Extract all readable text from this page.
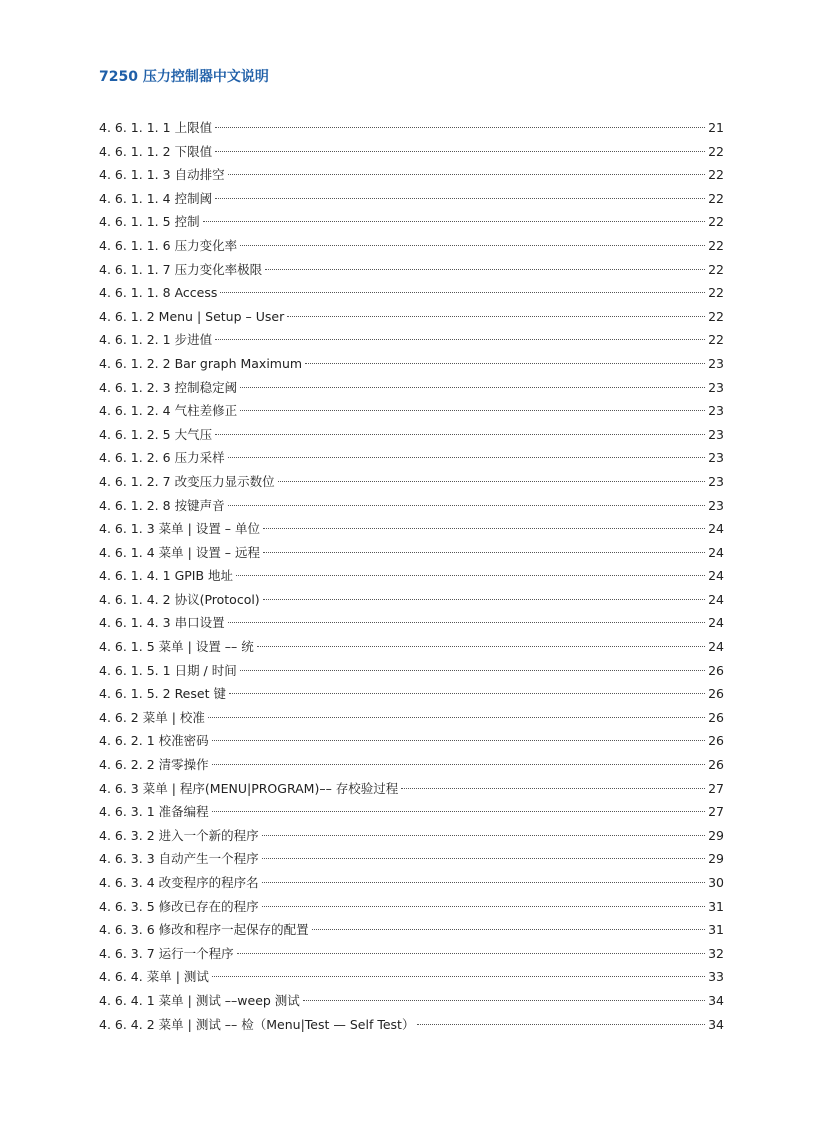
7250 压力控制器中文说明
4. 6. 1. 1. 1 上限值	21
4. 6. 1. 1. 2 下限值	22
4. 6. 1. 1. 3 自动排空	22
4. 6. 1. 1. 4 控制阈	22
4. 6. 1. 1. 5 控制	22
4. 6. 1. 1. 6 压力变化率	22
4. 6. 1. 1. 7 压力变化率极限	22
4. 6. 1. 1. 8 Access	22
4. 6. 1. 2 Menu | Setup – User	22
4. 6. 1. 2. 1 步进值	22
4. 6. 1. 2. 2 Bar graph Maximum	23
4. 6. 1. 2. 3 控制稳定阈	23
4. 6. 1. 2. 4 气柱差修正	23
4. 6. 1. 2. 5 大气压	23
4. 6. 1. 2. 6 压力采样	23
4. 6. 1. 2. 7 改变压力显示数位	23
4. 6. 1. 2. 8 按键声音	23
4. 6. 1. 3 菜单 | 设置 – 单位	24
4. 6. 1. 4 菜单 | 设置 – 远程	24
4. 6. 1. 4. 1 GPIB 地址	24
4. 6. 1. 4. 2 协议(Protocol)	24
4. 6. 1. 4. 3 串口设置	24
4. 6. 1. 5 菜单 | 设置 –– 统	24
4. 6. 1. 5. 1 日期 / 时间	26
4. 6. 1. 5. 2 Reset 键	26
4. 6. 2 菜单 | 校准	26
4. 6. 2. 1 校准密码	26
4. 6. 2. 2 清零操作	26
4. 6. 3 菜单 | 程序(MENU|PROGRAM)–– 存校验过程	27
4. 6. 3. 1 准备编程	27
4. 6. 3. 2 进入一个新的程序	29
4. 6. 3. 3 自动产生一个程序	29
4. 6. 3. 4 改变程序的程序名	30
4. 6. 3. 5 修改已存在的程序	31
4. 6. 3. 6 修改和程序一起保存的配置	31
4. 6. 3. 7 运行一个程序	32
4. 6. 4. 菜单 | 测试	33
4. 6. 4. 1 菜单 | 测试 ––weep 测试	34
4. 6. 4. 2 菜单 | 测试 –– 检（Menu|Test — Self Test）	34
